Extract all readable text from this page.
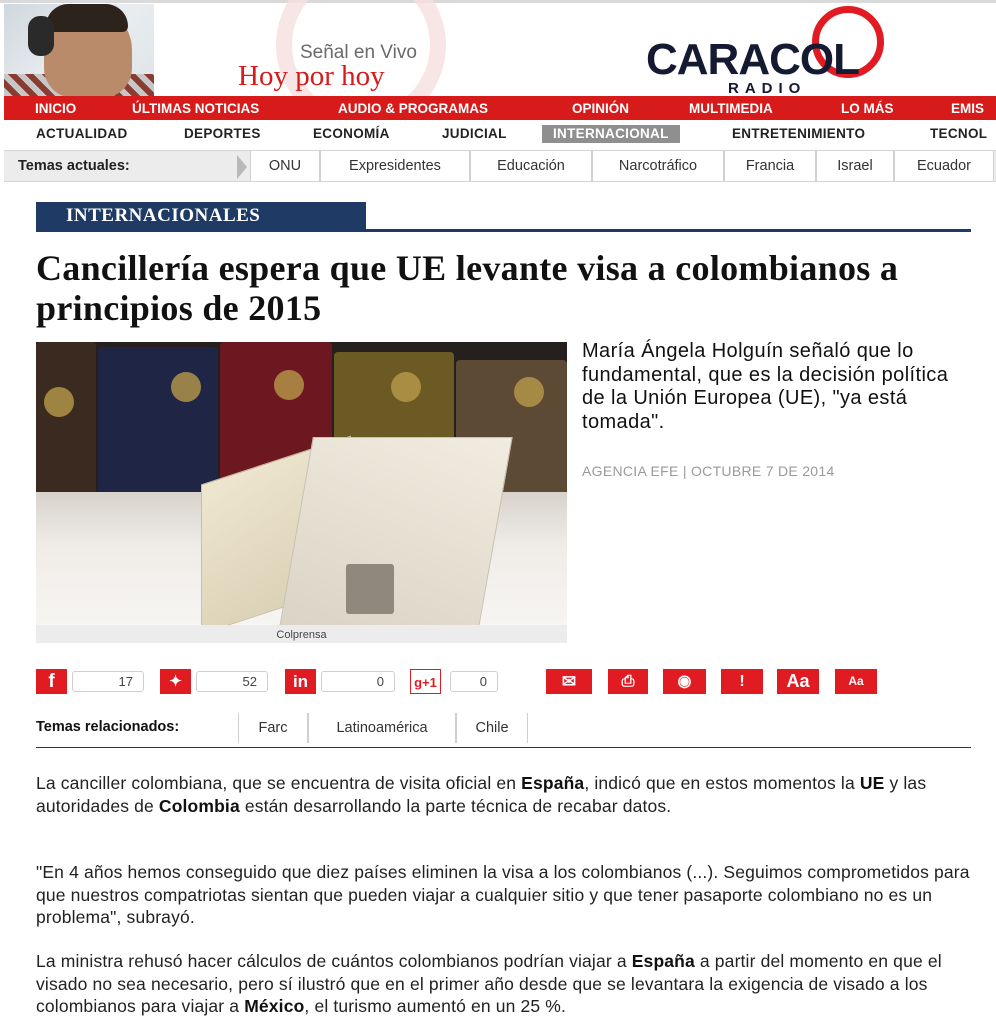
Señal en Vivo
Hoy por hoy	CARACOL
RADIO
INICIO	ÚLTIMAS NOTICIAS	AUDIO & PROGRAMAS	OPINIÓN	MULTIMEDIA	LO MÁS	EMIS
ACTUALIDAD	DEPORTES	ECONOMÍA	JUDICIAL	INTERNACIONAL	ENTRETENIMIENTO	TECNOL
Temas actuales:	ONU	Expresidentes	Educación	Narcotráfico	Francia	Israel	Ecuador
INTERNACIONALES
Cancillería espera que UE levante visa a colombianos a principios de 2015
Colprensa

María Ángela Holguín señaló que lo fundamental, que es la decisión política de la Unión Europea (UE), "ya está tomada".

AGENCIA EFE | OCTUBRE 7 DE 2014
f	17	✦	52	in	0	g+1	0	✉	⎙	◉	!	Aa	Aa
Temas relacionados:	Farc	Latinoamérica	Chile

La canciller colombiana, que se encuentra de visita oficial en España, indicó que en estos momentos la UE y las autoridades de Colombia están desarrollando la parte técnica de recabar datos.

"En 4 años hemos conseguido que diez países eliminen la visa a los colombianos (...). Seguimos comprometidos para que nuestros compatriotas sientan que pueden viajar a cualquier sitio y que tener pasaporte colombiano no es un problema", subrayó.

La ministra rehusó hacer cálculos de cuántos colombianos podrían viajar a España a partir del momento en que el visado no sea necesario, pero sí ilustró que en el primer año desde que se levantara la exigencia de visado a los colombianos para viajar a México, el turismo aumentó en un 25 %.
